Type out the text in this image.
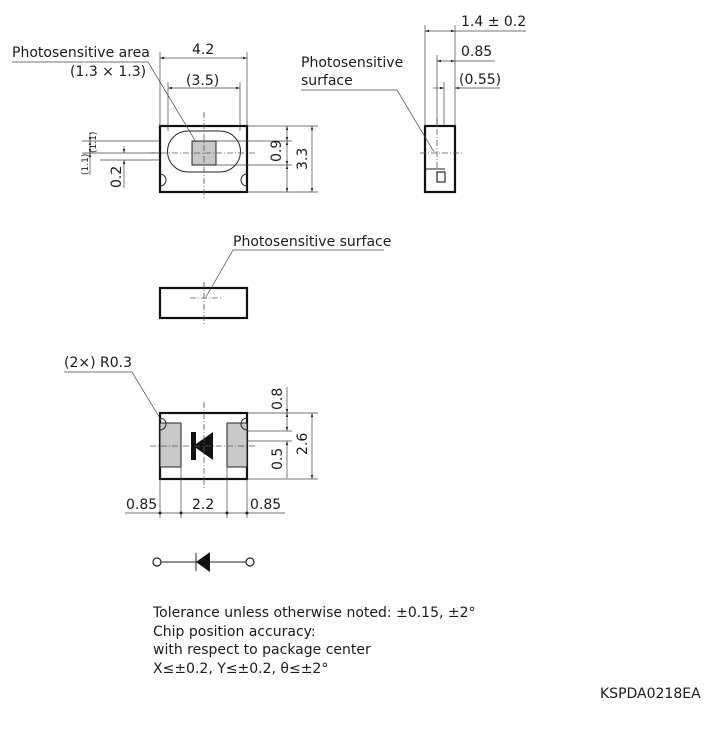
4.2
(3.5)
Photosensitive area
(1.3 × 1.3)
0.9 3.3
(1.1)
(1.1)
0.2
1.4 ± 0.2
0.85
(0.55)
Photosensitive
surface
Photosensitive surface
(2×) R0.3
0.8
0.5
2.6
0.85 2.2	0.85
Tolerance unless otherwise noted: ±0.15, ±2°
Chip position accuracy:
with respect to package center
X≤±0.2, Y≤±0.2, θ≤±2°
KSPDA0218EA
